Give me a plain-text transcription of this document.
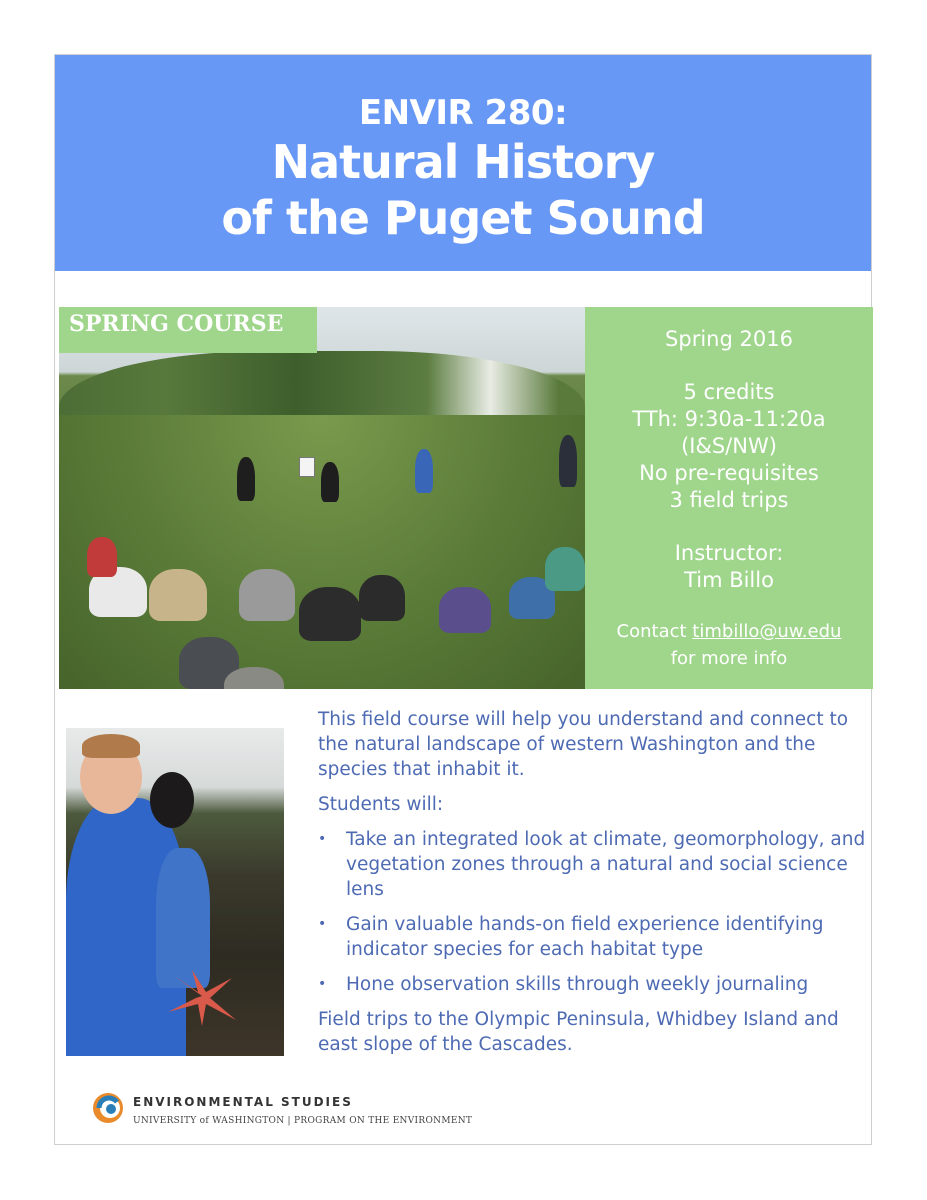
ENVIR 280:
Natural History
of the Puget Sound
SPRING COURSE
Spring 2016
5 credits
TTh: 9:30a-11:20a
(I&S/NW)
No pre-requisites
3 field trips
Instructor:
Tim Billo
Contact timbillo@uw.edu
for more info

This field course will help you understand and connect to the natural landscape of western Washington and the species that inhabit it.

Students will:

• Take an integrated look at climate, geomorphology, and vegetation zones through a natural and social science lens
• Gain valuable hands-on field experience identifying indicator species for each habitat type
• Hone observation skills through weekly journaling

Field trips to the Olympic Peninsula, Whidbey Island and east slope of the Cascades.

ENVIRONMENTAL STUDIES
UNIVERSITY of WASHINGTON | PROGRAM ON THE ENVIRONMENT
